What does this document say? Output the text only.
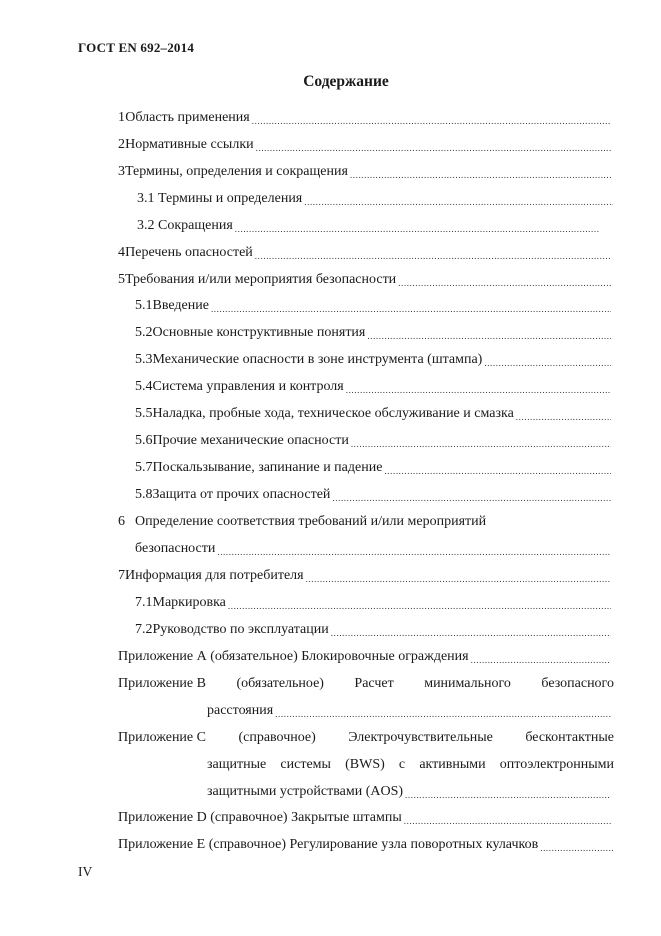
ГОСТ EN 692–2014
Содержание
1 Область применения
.....
2 Нормативные ссылки
.....
3 Термины, определения и сокращения
.....
3.1 Термины и определения
.....
3.2 Сокращения
.....
4 Перечень опасностей
.....
5 Требования и/или мероприятия безопасности
.....
5.1 Введение
.....
5.2 Основные конструктивные понятия
.....
5.3 Механические опасности в зоне инструмента (штампа)
.....
5.4 Система управления и контроля
.....
5.5 Наладка, пробные хода, техническое обслуживание и смазка
.....
5.6 Прочие механические опасности
.....
5.7 Поскальзывание, запинание и падение
.....
5.8 Защита от прочих опасностей
.....
6 Определение соответствия требований и/или мероприятий
безопасности
.....
7 Информация для потребителя
.....
7.1 Маркировка
.....
7.2 Руководство по эксплуатации
.....
Приложение А (обязательное) Блокировочные ограждения
.....
Приложение В (обязательное) Расчет минимального безопасного
расстояния
.....
Приложение С (справочное) Электрочувствительные бесконтактные
защитные системы (BWS) с активными оптоэлектронными
защитными устройствами (AOS)
.....
Приложение D (справочное) Закрытые штампы
.....
Приложение Е (справочное) Регулирование узла поворотных кулачков
.....
IV
